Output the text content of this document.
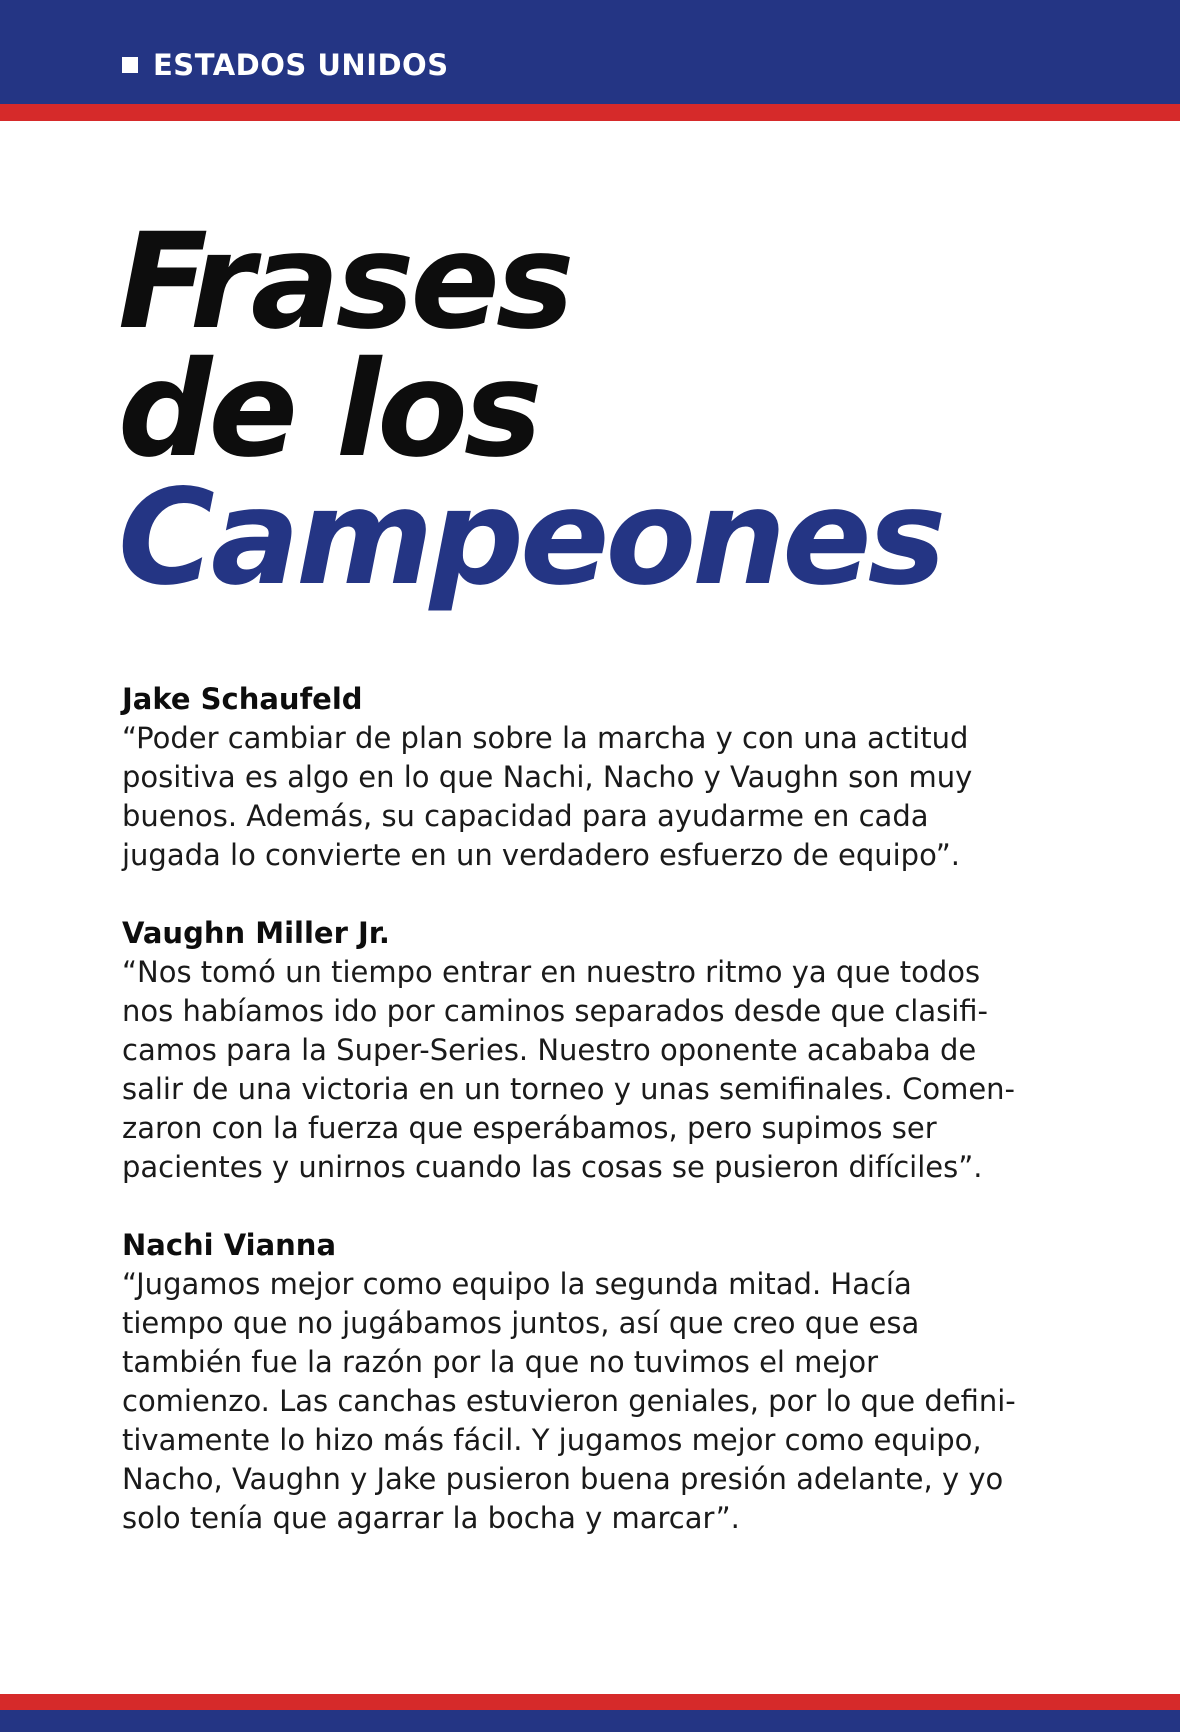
ESTADOS UNIDOS
Frases
de los
Campeones
Jake Schaufeld
“Poder cambiar de plan sobre la marcha y con una actitud
positiva es algo en lo que Nachi, Nacho y Vaughn son muy
buenos. Además, su capacidad para ayudarme en cada
jugada lo convierte en un verdadero esfuerzo de equipo”.
Vaughn Miller Jr.
“Nos tomó un tiempo entrar en nuestro ritmo ya que todos
nos habíamos ido por caminos separados desde que clasifi-
camos para la Super-Series. Nuestro oponente acababa de
salir de una victoria en un torneo y unas semifinales. Comen-
zaron con la fuerza que esperábamos, pero supimos ser
pacientes y unirnos cuando las cosas se pusieron difíciles”.
Nachi Vianna
“Jugamos mejor como equipo la segunda mitad. Hacía
tiempo que no jugábamos juntos, así que creo que esa
también fue la razón por la que no tuvimos el mejor
comienzo. Las canchas estuvieron geniales, por lo que defini-
tivamente lo hizo más fácil. Y jugamos mejor como equipo,
Nacho, Vaughn y Jake pusieron buena presión adelante, y yo
solo tenía que agarrar la bocha y marcar”.
